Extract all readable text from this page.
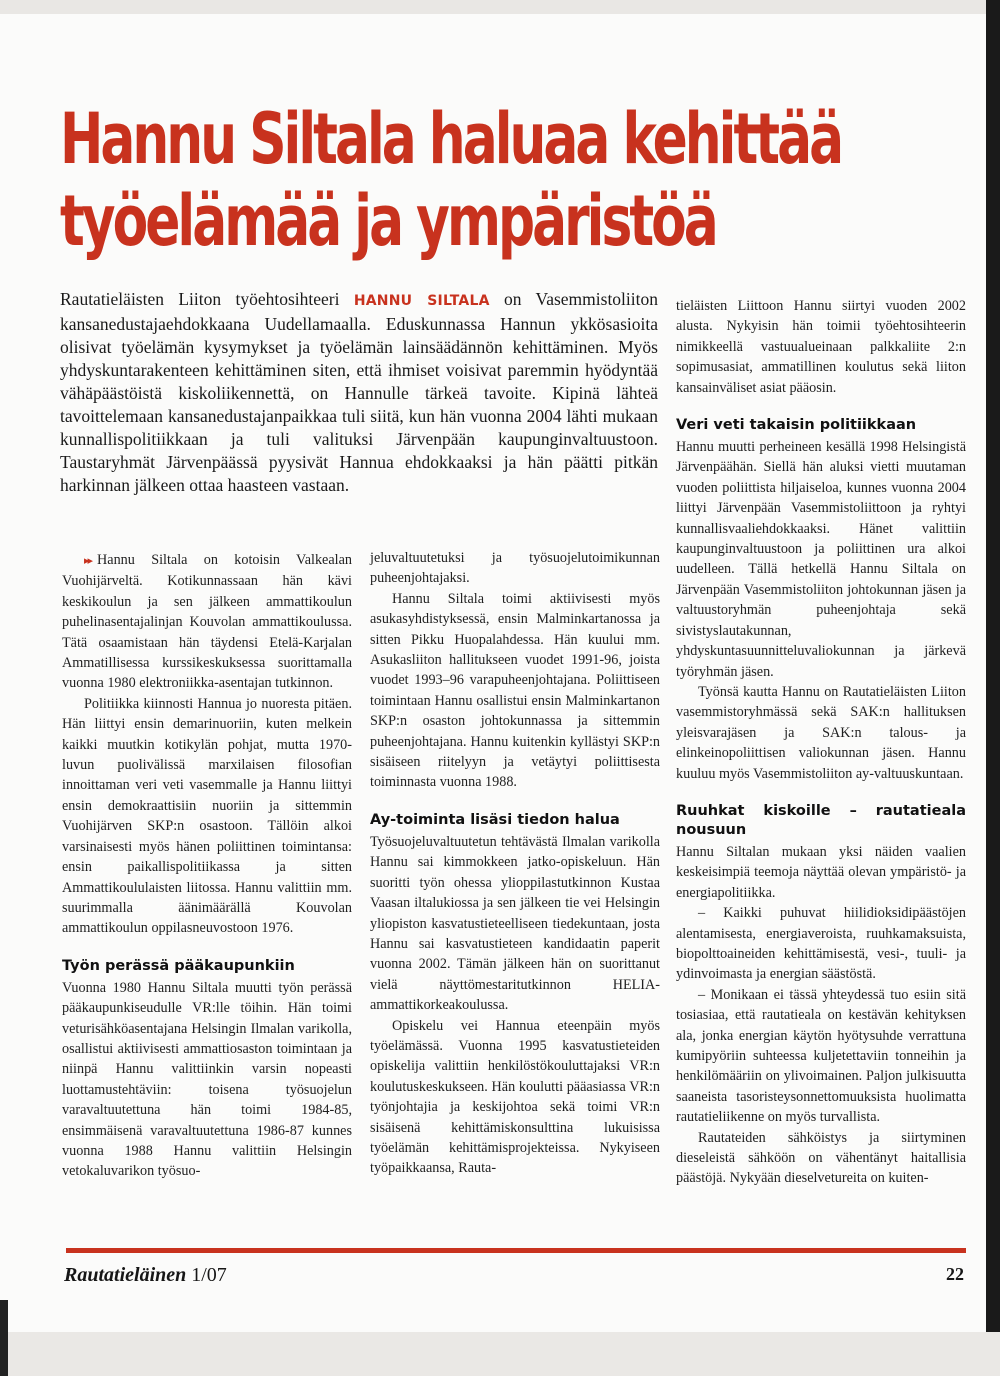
Hannu Siltala haluaa kehittää
työelämää ja ympäristöä
Rautatieläisten Liiton työehtosihteeri HANNU SILTALA on Vasemmistoliiton kansanedustajaehdokkaana Uudellamaalla. Eduskunnassa Hannun ykkösasioita olisivat työelämän kysymykset ja työelämän lainsäädännön kehittäminen. Myös yhdyskuntarakenteen kehittäminen siten, että ihmiset voisivat paremmin hyödyntää vähäpäästöistä kiskoliikennettä, on Hannulle tärkeä tavoite. Kipinä lähteä tavoittelemaan kansanedustajanpaikkaa tuli siitä, kun hän vuonna 2004 lähti mukaan kunnallispolitiikkaan ja tuli valituksi Järvenpään kaupunginvaltuustoon. Taustaryhmät Järvenpäässä pyysivät Hannua ehdokkaaksi ja hän päätti pitkän harkinnan jälkeen ottaa haasteen vastaan.

▸▸ Hannu Siltala on kotoisin Valkealan Vuohijärveltä. Kotikunnassaan hän kävi keskikoulun ja sen jälkeen ammattikoulun puhelinasentajalinjan Kouvolan ammattikoulussa. Tätä osaamistaan hän täydensi Etelä-Karjalan Ammatillisessa kurssikeskuksessa suorittamalla vuonna 1980 elektroniikka-asentajan tutkinnon.

Politiikka kiinnosti Hannua jo nuoresta pitäen. Hän liittyi ensin demarinuoriin, kuten melkein kaikki muutkin kotikylän pohjat, mutta 1970-luvun puolivälissä marxilaisen filosofian innoittaman veri veti vasemmalle ja Hannu liittyi ensin demokraattisiin nuoriin ja sittemmin Vuohijärven SKP:n osastoon. Tällöin alkoi varsinaisesti myös hänen poliittinen toimintansa: ensin paikallispolitiikassa ja sitten Ammattikoululaisten liitossa. Hannu valittiin mm. suurimmalla äänimäärällä Kouvolan ammattikoulun oppilasneuvostoon 1976.

Työn perässä pääkaupunkiin

Vuonna 1980 Hannu Siltala muutti työn perässä pääkaupunkiseudulle VR:lle töihin. Hän toimi veturisähköasentajana Helsingin Ilmalan varikolla, osallistui aktiivisesti ammattiosaston toimintaan ja niinpä Hannu valittiinkin varsin nopeasti luottamustehtäviin: toisena työsuojelun varavaltuutettuna hän toimi 1984-85, ensimmäisenä varavaltuutettuna 1986-87 kunnes vuonna 1988 Hannu valittiin Helsingin vetokaluvarikon työsuo-

jeluvaltuutetuksi ja työsuojelutoimikunnan puheenjohtajaksi.

Hannu Siltala toimi aktiivisesti myös asukasyhdistyksessä, ensin Malminkartanossa ja sitten Pikku Huopalahdessa. Hän kuului mm. Asukasliiton hallitukseen vuodet 1991-96, joista vuodet 1993–96 varapuheenjohtajana. Poliittiseen toimintaan Hannu osallistui ensin Malminkartanon SKP:n osaston johtokunnassa ja sittemmin puheenjohtajana. Hannu kuitenkin kyllästyi SKP:n sisäiseen riitelyyn ja vetäytyi poliittisesta toiminnasta vuonna 1988.

Ay-toiminta lisäsi tiedon halua

Työsuojeluvaltuutetun tehtävästä Ilmalan varikolla Hannu sai kimmokkeen jatko-opiskeluun. Hän suoritti työn ohessa ylioppilastutkinnon Kustaa Vaasan iltalukiossa ja sen jälkeen tie vei Helsingin yliopiston kasvatustieteelliseen tiedekuntaan, josta Hannu sai kasvatustieteen kandidaatin paperit vuonna 2002. Tämän jälkeen hän on suorittanut vielä näyttömestaritutkinnon HELIA-ammattikorkeakoulussa.

Opiskelu vei Hannua eteenpäin myös työelämässä. Vuonna 1995 kasvatustieteiden opiskelija valittiin henkilöstökouluttajaksi VR:n koulutuskeskukseen. Hän koulutti pääasiassa VR:n työnjohtajia ja keskijohtoa sekä toimi VR:n sisäisenä kehittämiskonsulttina lukuisissa työelämän kehittämisprojekteissa. Nykyiseen työpaikkaansa, Rauta-

tieläisten Liittoon Hannu siirtyi vuoden 2002 alusta. Nykyisin hän toimii työehtosihteerin nimikkeellä vastuualueinaan palkkaliite 2:n sopimusasiat, ammatillinen koulutus sekä liiton kansainväliset asiat pääosin.

Veri veti takaisin politiikkaan

Hannu muutti perheineen kesällä 1998 Helsingistä Järvenpäähän. Siellä hän aluksi vietti muutaman vuoden poliittista hiljaiseloa, kunnes vuonna 2004 liittyi Järvenpään Vasemmistoliittoon ja ryhtyi kunnallisvaaliehdokkaaksi. Hänet valittiin kaupunginvaltuustoon ja poliittinen ura alkoi uudelleen. Tällä hetkellä Hannu Siltala on Järvenpään Vasemmistoliiton johtokunnan jäsen ja valtuustoryhmän puheenjohtaja sekä sivistyslautakunnan, yhdyskuntasuunnitteluvaliokunnan ja järkevä työryhmän jäsen.

Työnsä kautta Hannu on Rautatieläisten Liiton vasemmistoryhmässä sekä SAK:n hallituksen yleisvarajäsen ja SAK:n talous- ja elinkeinopoliittisen valiokunnan jäsen. Hannu kuuluu myös Vasemmistoliiton ay-valtuuskuntaan.

Ruuhkat kiskoille – rautatieala nousuun

Hannu Siltalan mukaan yksi näiden vaalien keskeisimpiä teemoja näyttää olevan ympäristö- ja energiapolitiikka.

– Kaikki puhuvat hiilidioksidipäästöjen alentamisesta, energiaveroista, ruuhkamaksuista, biopolttoaineiden kehittämisestä, vesi-, tuuli- ja ydinvoimasta ja energian säästöstä.

– Monikaan ei tässä yhteydessä tuo esiin sitä tosiasiaa, että rautatieala on kestävän kehityksen ala, jonka energian käytön hyötysuhde verrattuna kumipyöriin suhteessa kuljetettaviin tonneihin ja henkilömääriin on ylivoimainen. Paljon julkisuutta saaneista tasoristeysonnettomuuksista huolimatta rautatieliikenne on myös turvallista.

Rautateiden sähköistys ja siirtyminen dieseleistä sähköön on vähentänyt haitallisia päästöjä. Nykyään dieselvetureita on kuiten-

Rautatieläinen 1/07	22
